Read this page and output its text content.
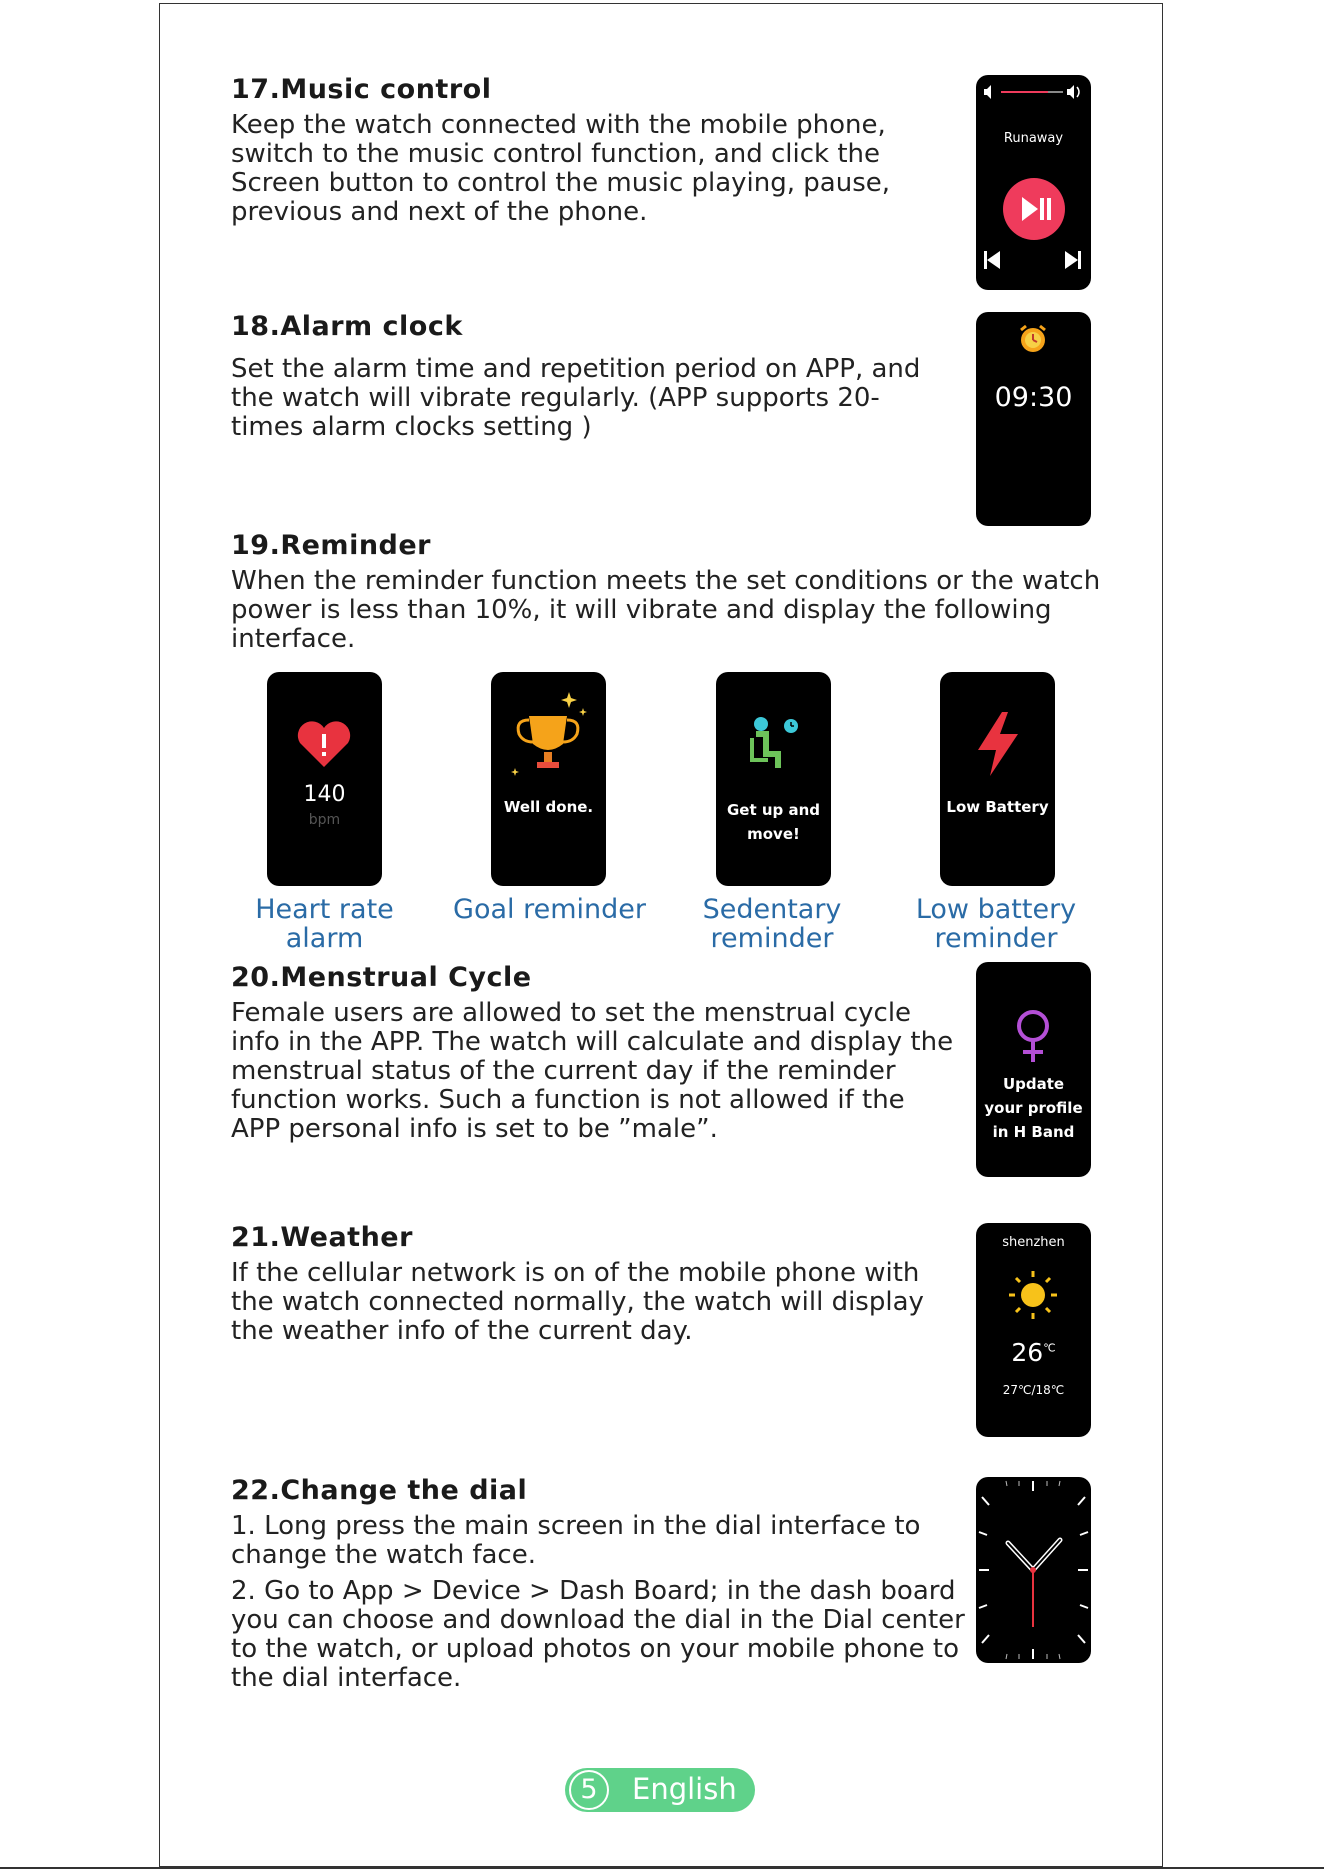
17.Music control

Keep the watch connected with the mobile phone, switch to the music control function, and click the Screen button to control the music playing, pause, previous and next of the phone.

Runaway
18.Alarm clock

Set the alarm time and repetition period on APP, and the watch will vibrate regularly. (APP supports 20-times alarm clocks setting )

09:30
19.Reminder

When the reminder function meets the set conditions or the watch power is less than 10%, it will vibrate and display the following interface.

140
bpm
Well done.	Get up and move!
Low Battery

Heart rate alarm

Goal reminder	Sedentary reminder

Low battery reminder

20.Menstrual Cycle

Female users are allowed to set the menstrual cycle info in the APP. The watch will calculate and display the menstrual status of the current day if the reminder function works. Such a function is not allowed if the APP personal info is set to be ”male”.

Update your profile in H Band
21.Weather

If the cellular network is on of the mobile phone with the watch connected normally, the watch will display the weather info of the current day.

shenzhen
26℃
27℃/18℃
22.Change the dial

1. Long press the main screen in the dial interface to change the watch face.

2. Go to App > Device > Dash Board; in the dash board you can choose and download the dial in the Dial center to the watch, or upload photos on your mobile phone to the dial interface.

5	English
